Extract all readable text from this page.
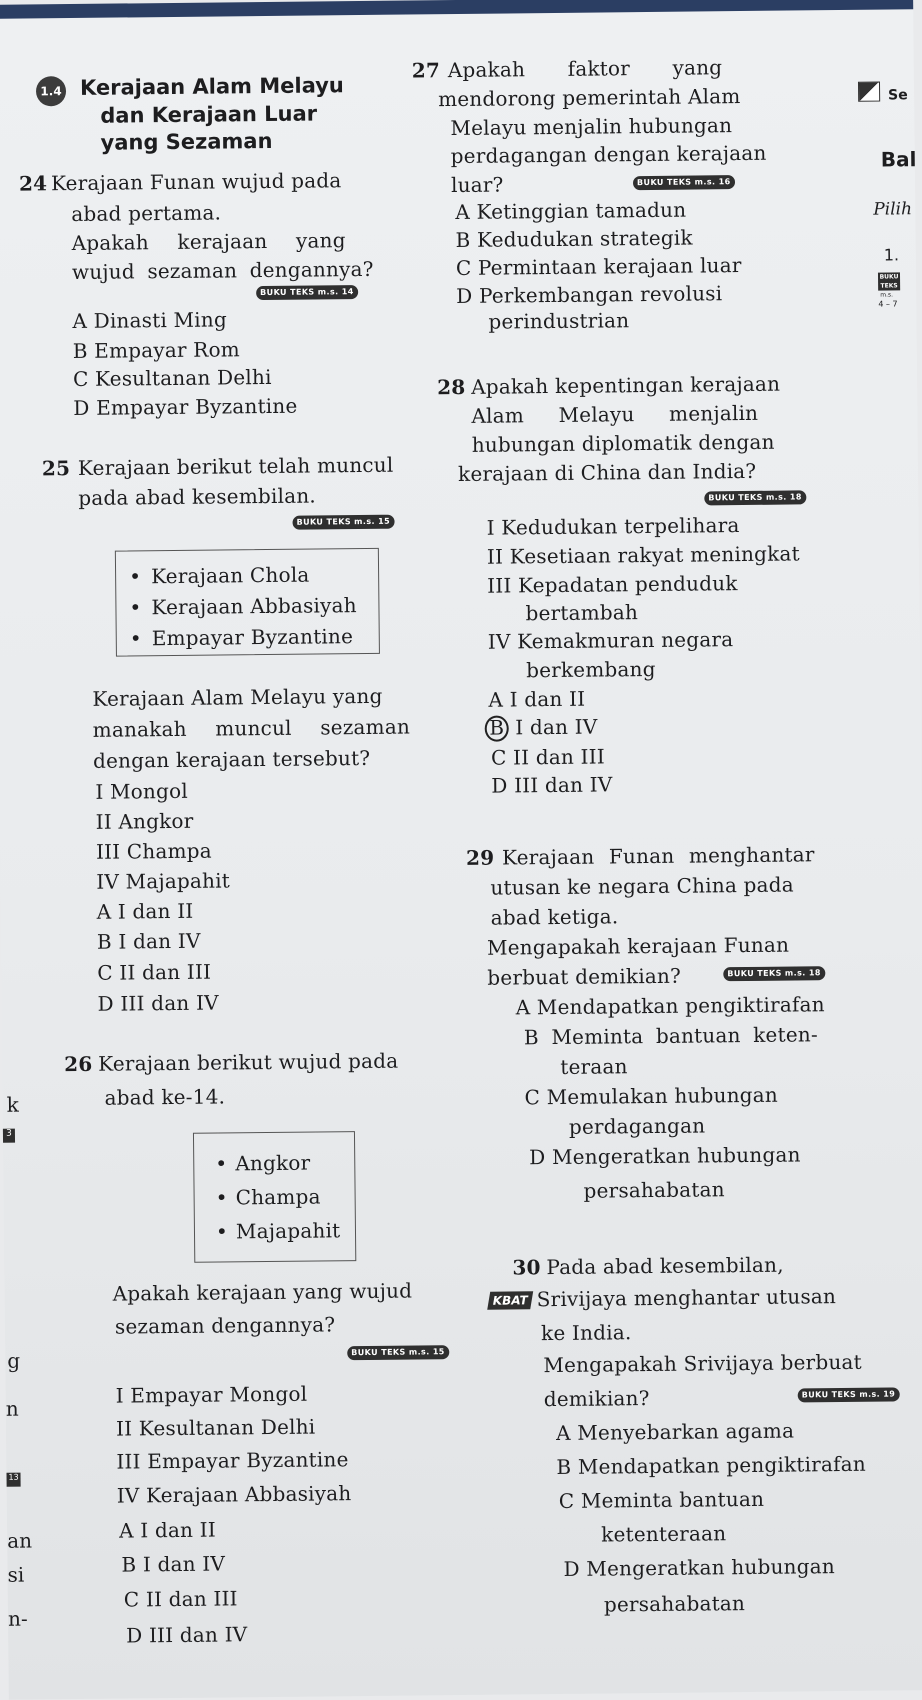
1.4 Kerajaan Alam Melayu
dan Kerajaan Luar
yang Sezaman
24 Kerajaan Funan wujud pada
abad pertama.
Apakah kerajaan yang
wujud sezaman dengannya?
BUKU TEKS m.s. 14
A Dinasti Ming
B Empayar Rom
C Kesultanan Delhi
D Empayar Byzantine
25 Kerajaan berikut telah muncul
pada abad kesembilan.
BUKU TEKS m.s. 15
• Kerajaan Chola
• Kerajaan Abbasiyah
• Empayar Byzantine
Kerajaan Alam Melayu yang
manakah muncul sezaman
dengan kerajaan tersebut?
I Mongol
II Angkor
III Champa
IV Majapahit
A I dan II
B I dan IV
C II dan III
D III dan IV
26 Kerajaan berikut wujud pada
abad ke-14.
• Angkor
• Champa
• Majapahit
Apakah kerajaan yang wujud
sezaman dengannya?
BUKU TEKS m.s. 15
I Empayar Mongol
II Kesultanan Delhi
III Empayar Byzantine
IV Kerajaan Abbasiyah
A I dan II
B I dan IV
C II dan III
D III dan IV
27 Apakah faktor yang
mendorong pemerintah Alam
Melayu menjalin hubungan
perdagangan dengan kerajaan
luar?	BUKU TEKS m.s. 16
A Ketinggian tamadun
B Kedudukan strategik
C Permintaan kerajaan luar
D Perkembangan revolusi
perindustrian
28 Apakah kepentingan kerajaan
Alam Melayu menjalin
hubungan diplomatik dengan
kerajaan di China dan India?
BUKU TEKS m.s. 18
I Kedudukan terpelihara
II Kesetiaan rakyat meningkat
III Kepadatan penduduk
bertambah
IV Kemakmuran negara
berkembang
A I dan II
B I dan IV
C II dan III
D III dan IV
29 Kerajaan Funan menghantar
utusan ke negara China pada
abad ketiga.
Mengapakah kerajaan Funan
berbuat demikian?	BUKU TEKS m.s. 18
A Mendapatkan pengiktirafan
B Meminta bantuan keten-
teraan
C Memulakan hubungan
perdagangan
D Mengeratkan hubungan
persahabatan
30 Pada abad kesembilan,
KBAT Srivijaya menghantar utusan
ke India.
Mengapakah Srivijaya berbuat
demikian?	BUKU TEKS m.s. 19
A Menyebarkan agama
B Mendapatkan pengiktirafan
C Meminta bantuan
ketenteraan
D Mengeratkan hubungan
persahabatan
Se
Bal
Pilih
1.
BUKU
TEKS
m.s.
4 – 7
k
3
g
n
13
an
si
n-
